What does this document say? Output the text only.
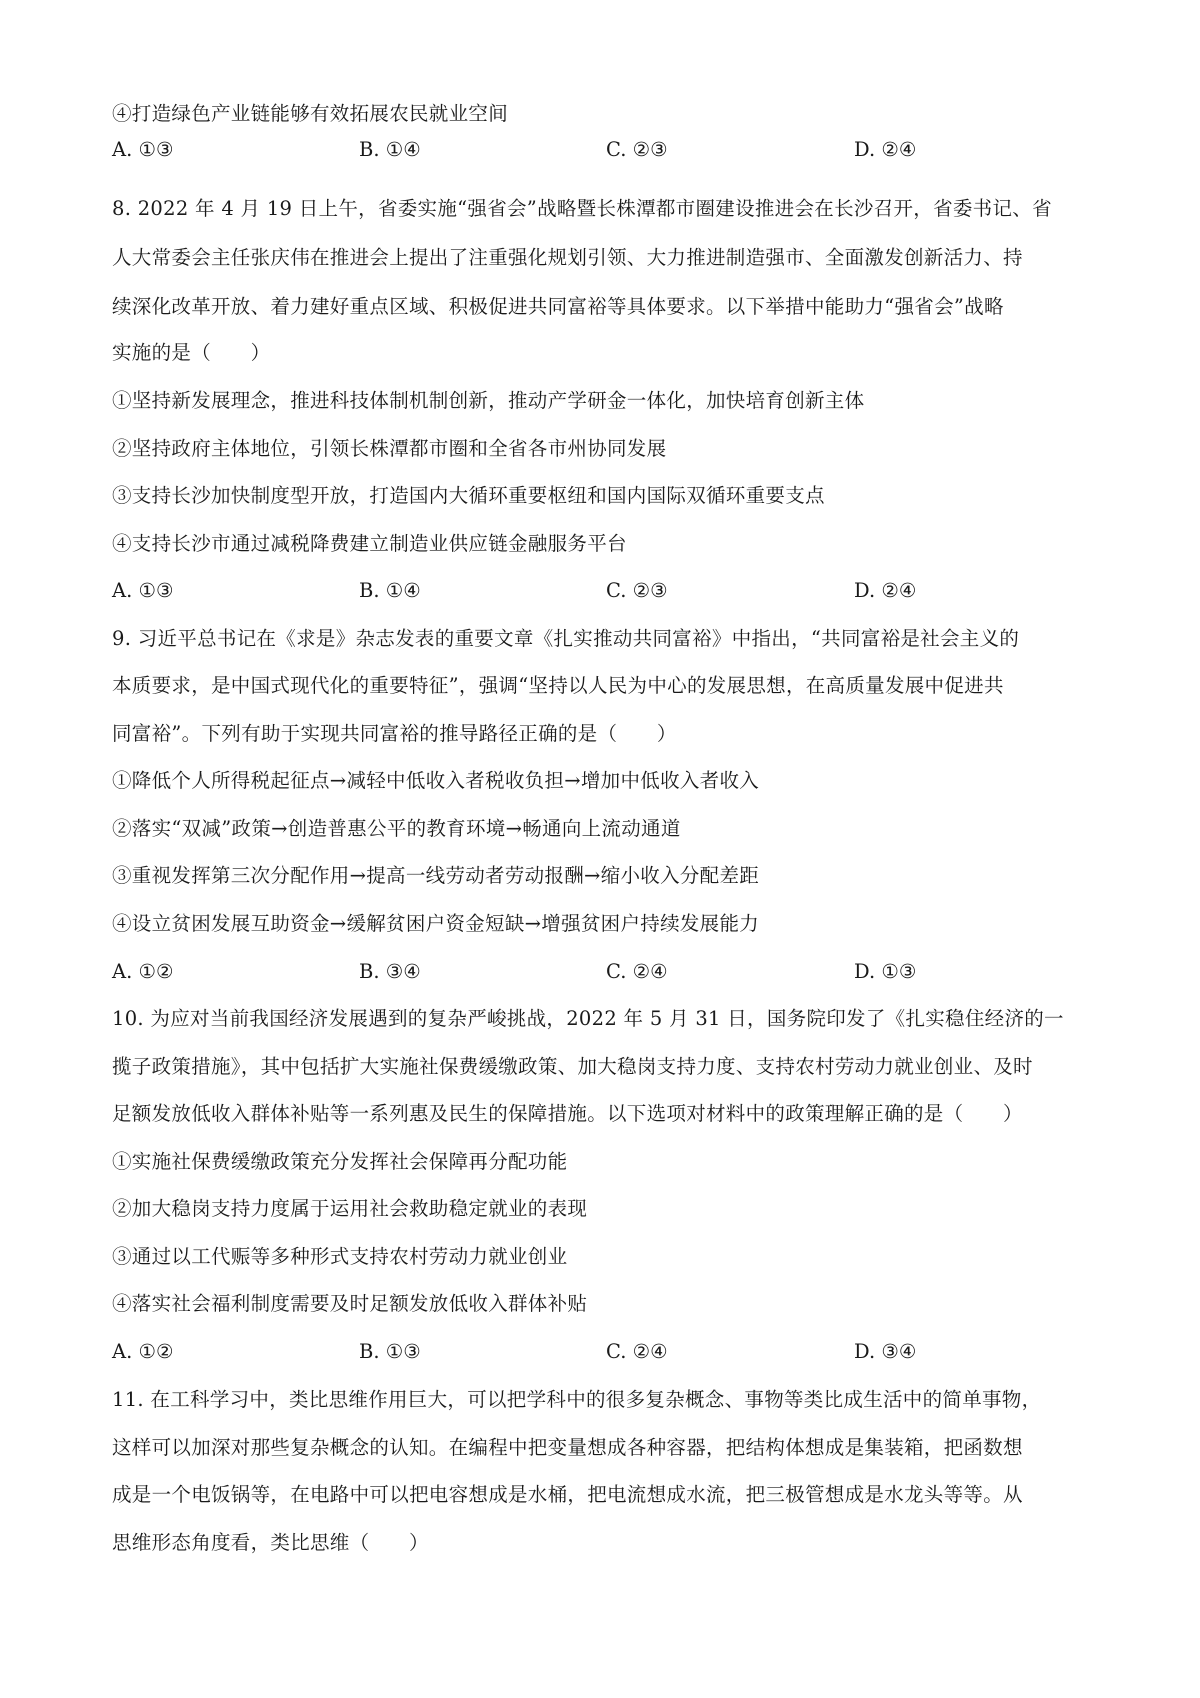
④打造绿色产业链能够有效拓展农民就业空间
A. ①③	B. ①④	C. ②③	D. ②④
8. 2022 年 4 月 19 日上午，省委实施“强省会”战略暨长株潭都市圈建设推进会在长沙召开，省委书记、省
人大常委会主任张庆伟在推进会上提出了注重强化规划引领、大力推进制造强市、全面激发创新活力、持
续深化改革开放、着力建好重点区域、积极促进共同富裕等具体要求。以下举措中能助力“强省会”战略
实施的是（　　）
①坚持新发展理念，推进科技体制机制创新，推动产学研金一体化，加快培育创新主体
②坚持政府主体地位，引领长株潭都市圈和全省各市州协同发展
③支持长沙加快制度型开放，打造国内大循环重要枢纽和国内国际双循环重要支点
④支持长沙市通过减税降费建立制造业供应链金融服务平台
A. ①③	B. ①④	C. ②③	D. ②④
9. 习近平总书记在《求是》杂志发表的重要文章《扎实推动共同富裕》中指出，“共同富裕是社会主义的
本质要求，是中国式现代化的重要特征”，强调“坚持以人民为中心的发展思想，在高质量发展中促进共
同富裕”。下列有助于实现共同富裕的推导路径正确的是（　　）
①降低个人所得税起征点→减轻中低收入者税收负担→增加中低收入者收入
②落实“双减”政策→创造普惠公平的教育环境→畅通向上流动通道
③重视发挥第三次分配作用→提高一线劳动者劳动报酬→缩小收入分配差距
④设立贫困发展互助资金→缓解贫困户资金短缺→增强贫困户持续发展能力
A. ①②	B. ③④	C. ②④	D. ①③
10. 为应对当前我国经济发展遇到的复杂严峻挑战，2022 年 5 月 31 日，国务院印发了《扎实稳住经济的一
揽子政策措施》，其中包括扩大实施社保费缓缴政策、加大稳岗支持力度、支持农村劳动力就业创业、及时
足额发放低收入群体补贴等一系列惠及民生的保障措施。以下选项对材料中的政策理解正确的是（　　）
①实施社保费缓缴政策充分发挥社会保障再分配功能
②加大稳岗支持力度属于运用社会救助稳定就业的表现
③通过以工代赈等多种形式支持农村劳动力就业创业
④落实社会福利制度需要及时足额发放低收入群体补贴
A. ①②	B. ①③	C. ②④	D. ③④
11. 在工科学习中，类比思维作用巨大，可以把学科中的很多复杂概念、事物等类比成生活中的简单事物，
这样可以加深对那些复杂概念的认知。在编程中把变量想成各种容器，把结构体想成是集装箱，把函数想
成是一个电饭锅等，在电路中可以把电容想成是水桶，把电流想成水流，把三极管想成是水龙头等等。从
思维形态角度看，类比思维（　　）
